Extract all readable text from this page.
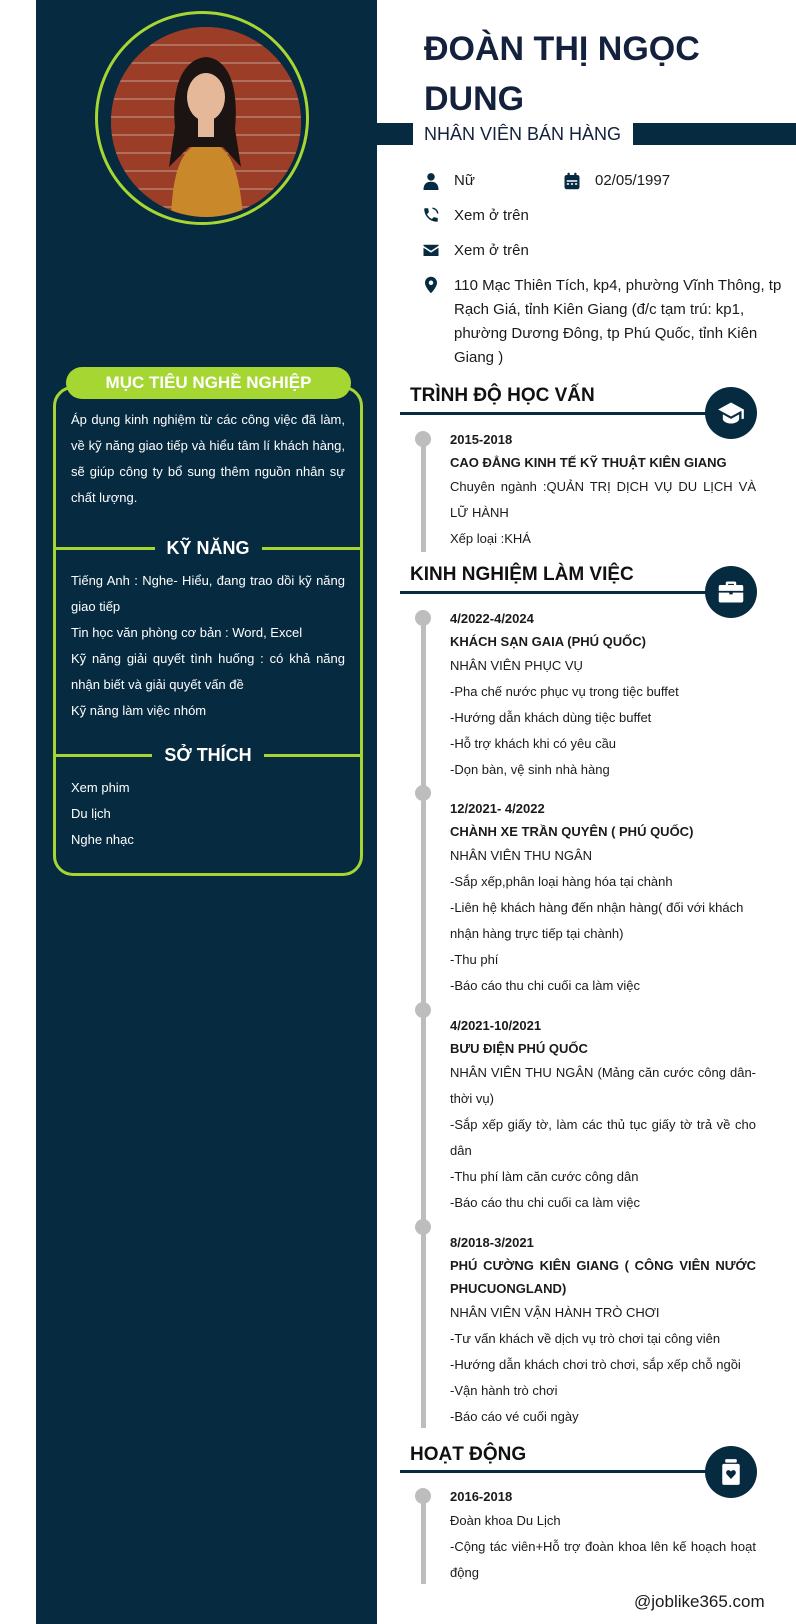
MỤC TIÊU NGHỀ NGHIỆP

Áp dụng kinh nghiệm từ các công việc đã làm, về kỹ năng giao tiếp và hiểu tâm lí khách hàng, sẽ giúp công ty bổ sung thêm nguồn nhân sự chất lượng.

KỸ NĂNG

Tiếng Anh : Nghe- Hiểu, đang trao dồi kỹ năng giao tiếp

Tin học văn phòng cơ bản : Word, Excel

Kỹ năng giải quyết tình huống : có khả năng nhận biết và giải quyết vấn đề

Kỹ năng làm việc nhóm

SỞ THÍCH

Xem phim

Du lịch

Nghe nhạc

ĐOÀN THỊ NGỌC DUNG
NHÂN VIÊN BÁN HÀNG
Nữ	02/05/1997
Xem ở trên
Xem ở trên
110 Mạc Thiên Tích, kp4, phường Vĩnh Thông, tp Rạch Giá, tỉnh Kiên Giang (đ/c tạm trú: kp1, phường Dương Đông, tp Phú Quốc, tỉnh Kiên Giang )
TRÌNH ĐỘ HỌC VẤN
2015-2018
CAO ĐẲNG KINH TẾ KỸ THUẬT KIÊN GIANG
Chuyên ngành :QUẢN TRỊ DỊCH VỤ DU LỊCH VÀ LỮ HÀNH
Xếp loại :KHÁ
KINH NGHIỆM LÀM VIỆC
4/2022-4/2024
KHÁCH SẠN GAIA (PHÚ QUỐC)
NHÂN VIÊN PHỤC VỤ
-Pha chế nước phục vụ trong tiệc buffet
-Hướng dẫn khách dùng tiệc buffet
-Hỗ trợ khách khi có yêu cầu
-Dọn bàn, vệ sinh nhà hàng
12/2021- 4/2022
CHÀNH XE TRẦN QUYÊN ( PHÚ QUỐC)
NHÂN VIÊN THU NGÂN
-Sắp xếp,phân loại hàng hóa tại chành
-Liên hệ khách hàng đến nhận hàng( đối với khách nhận hàng trực tiếp tại chành)
-Thu phí
-Báo cáo thu chi cuối ca làm việc
4/2021-10/2021
BƯU ĐIỆN PHÚ QUỐC
NHÂN VIÊN THU NGÂN (Mảng căn cước công dân- thời vụ)
-Sắp xếp giấy tờ, làm các thủ tục giấy tờ trả về cho dân
-Thu phí làm căn cước công dân
-Báo cáo thu chi cuối ca làm việc
8/2018-3/2021
PHÚ CƯỜNG KIÊN GIANG ( CÔNG VIÊN NƯỚC PHUCUONGLAND)
NHÂN VIÊN VẬN HÀNH TRÒ CHƠI
-Tư vấn khách về dịch vụ trò chơi tại công viên
-Hướng dẫn khách chơi trò chơi, sắp xếp chỗ ngồi
-Vận hành trò chơi
-Báo cáo vé cuối ngày
HOẠT ĐỘNG
2016-2018
Đoàn khoa Du Lịch
-Cộng tác viên+Hỗ trợ đoàn khoa lên kế hoạch hoạt động
@joblike365.com
